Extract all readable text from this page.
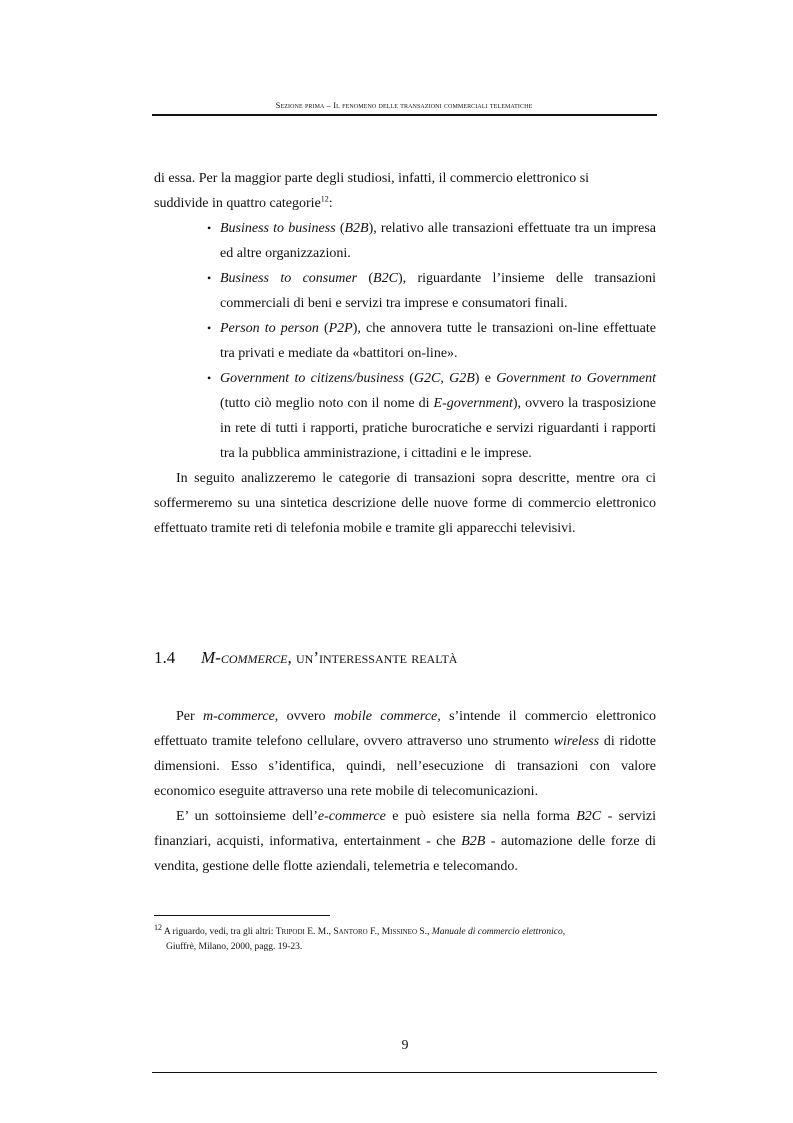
Sezione prima – Il fenomeno delle transazioni commerciali telematiche

di essa. Per la maggior parte degli studiosi, infatti, il commercio elettronico si

suddivide in quattro categorie$^{12}$:

• Business to business (B2B), relativo alle transazioni effettuate tra un impresa ed altre organizzazioni.
• Business to consumer (B2C), riguardante l’insieme delle transazioni commerciali di beni e servizi tra imprese e consumatori finali.
• Person to person (P2P), che annovera tutte le transazioni on-line effettuate tra privati e mediate da «battitori on-line».
• Government to citizens/business (G2C, G2B) e Government to Government (tutto ciò meglio noto con il nome di E-government), ovvero la trasposizione in rete di tutti i rapporti, pratiche burocratiche e servizi riguardanti i rapporti tra la pubblica amministrazione, i cittadini e le imprese.

In seguito analizzeremo le categorie di transazioni sopra descritte, mentre ora ci soffermeremo su una sintetica descrizione delle nuove forme di commercio elettronico effettuato tramite reti di telefonia mobile e tramite gli apparecchi televisivi.

1.4 M-commerce, un’interessante realtà

Per m-commerce, ovvero mobile commerce, s’intende il commercio elettronico effettuato tramite telefono cellulare, ovvero attraverso uno strumento wireless di ridotte dimensioni. Esso s’identifica, quindi, nell’esecuzione di transazioni con valore economico eseguite attraverso una rete mobile di telecomunicazioni.

E’ un sottoinsieme dell’e-commerce e può esistere sia nella forma B2C - servizi finanziari, acquisti, informativa, entertainment - che B2B - automazione delle forze di vendita, gestione delle flotte aziendali, telemetria e telecomando.

$^{12}$ A riguardo, vedi, tra gli altri: Tripodi E. M., Santoro F., Missineo S., Manuale di commercio elettronico,
Giuffrè, Milano, 2000, pagg. 19-23.
9
